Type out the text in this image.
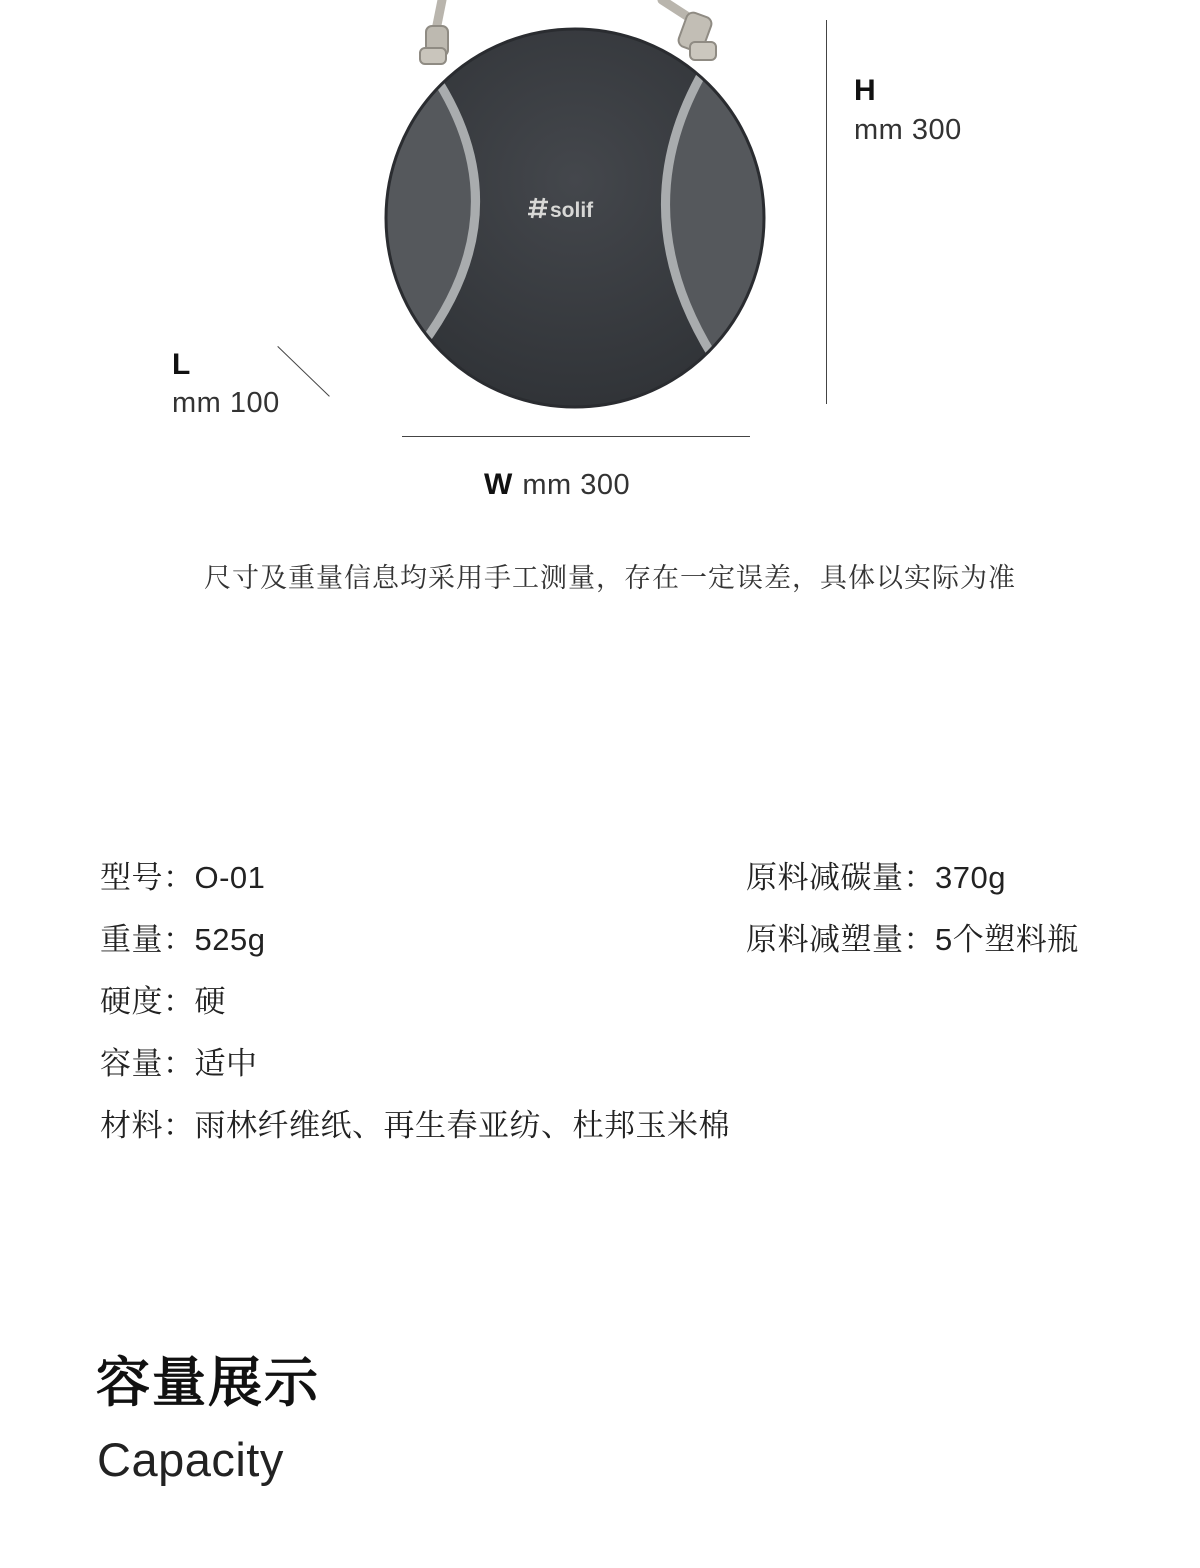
solif
H
mm 300
L
mm 100
W mm 300
尺寸及重量信息均采用手工测量，存在一定误差，具体以实际为准
型号：O-01
重量：525g
硬度：硬
容量：适中
材料：雨林纤维纸、再生春亚纺、杜邦玉米棉
原料减碳量：370g
原料减塑量：5个塑料瓶
容量展示
Capacity
